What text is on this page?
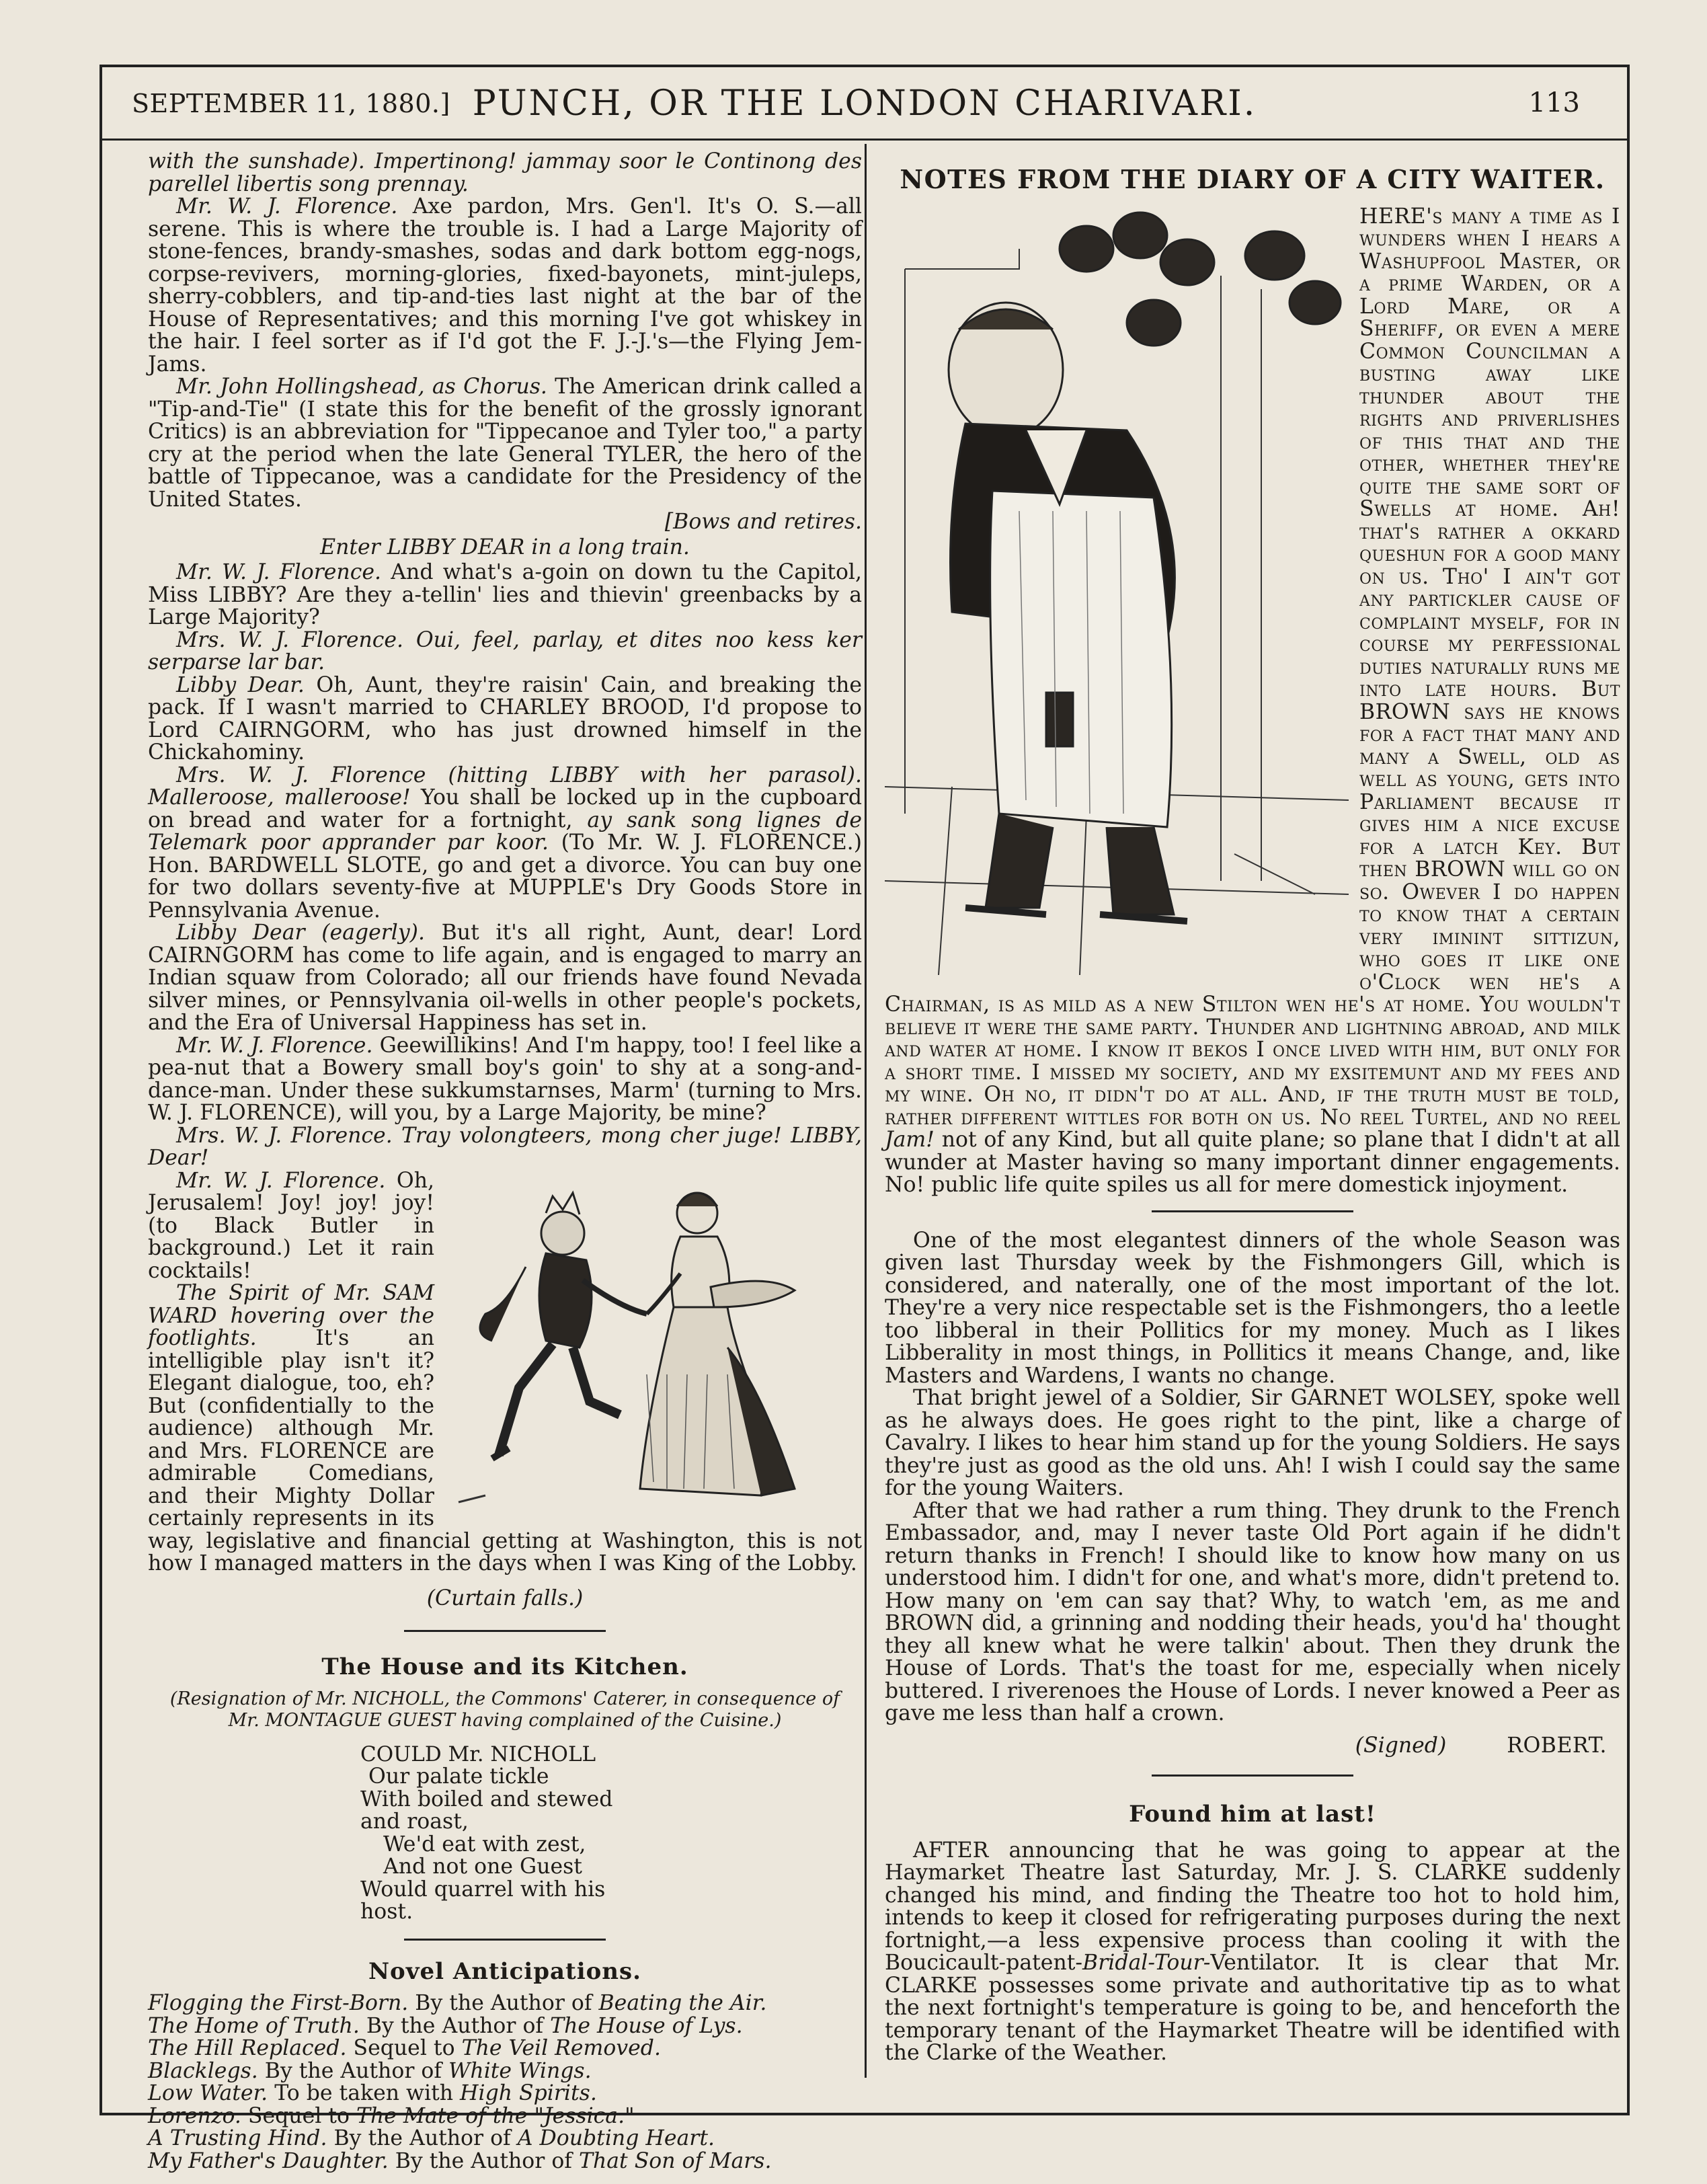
SEPTEMBER 11, 1880.] PUNCH, OR THE LONDON CHARIVARI.	113

with the sunshade). Impertinong! jammay soor le Continong des parellel libertis song prennay.

Mr. W. J. Florence. Axe pardon, Mrs. Gen'l. It's O. S.—all serene. This is where the trouble is. I had a Large Majority of stone-fences, brandy-smashes, sodas and dark bottom egg-nogs, corpse-revivers, morning-glories, fixed-bayonets, mint-juleps, sherry-cobblers, and tip-and-ties last night at the bar of the House of Representatives; and this morning I've got whiskey in the hair. I feel sorter as if I'd got the F. J.-J.'s—the Flying Jem-Jams.

Mr. John Hollingshead, as Chorus. The American drink called a "Tip-and-Tie" (I state this for the benefit of the grossly ignorant Critics) is an abbreviation for "Tippecanoe and Tyler too," a party cry at the period when the late General TYLER, the hero of the battle of Tippecanoe, was a candidate for the Presidency of the United States.

[Bows and retires.

Enter LIBBY DEAR in a long train.

Mr. W. J. Florence. And what's a-goin on down tu the Capitol, Miss LIBBY? Are they a-tellin' lies and thievin' greenbacks by a Large Majority?

Mrs. W. J. Florence. Oui, feel, parlay, et dites noo kess ker serparse lar bar.

Libby Dear. Oh, Aunt, they're raisin' Cain, and breaking the pack. If I wasn't married to CHARLEY BROOD, I'd propose to Lord CAIRNGORM, who has just drowned himself in the Chickahominy.

Mrs. W. J. Florence (hitting LIBBY with her parasol). Malleroose, malleroose! You shall be locked up in the cupboard on bread and water for a fortnight, ay sank song lignes de Telemark poor apprander par koor. (To Mr. W. J. FLORENCE.) Hon. BARDWELL SLOTE, go and get a divorce. You can buy one for two dollars seventy-five at MUPPLE's Dry Goods Store in Pennsylvania Avenue.

Libby Dear (eagerly). But it's all right, Aunt, dear! Lord CAIRNGORM has come to life again, and is engaged to marry an Indian squaw from Colorado; all our friends have found Nevada silver mines, or Pennsylvania oil-wells in other people's pockets, and the Era of Universal Happiness has set in.

Mr. W. J. Florence. Geewillikins! And I'm happy, too! I feel like a pea-nut that a Bowery small boy's goin' to shy at a song-and-dance-man. Under these sukkumstarnses, Marm' (turning to Mrs. W. J. FLORENCE), will you, by a Large Majority, be mine?

Mrs. W. J. Florence. Tray volongteers, mong cher juge! LIBBY, Dear!

Mr. W. J. Florence. Oh, Jerusalem! Joy! joy! joy! (to Black Butler in background.) Let it rain cocktails!

The Spirit of Mr. SAM WARD hovering over the footlights. It's an intelligible play isn't it? Elegant dialogue, too, eh? But (confidentially to the audience) although Mr. and Mrs. FLORENCE are admirable Comedians, and their Mighty Dollar certainly represents in its way, legislative and financial getting at Washington, this is not how I managed matters in the days when I was King of the Lobby.

(Curtain falls.)

The House and its Kitchen.

(Resignation of Mr. NICHOLL, the Commons' Caterer, in consequence of Mr. MONTAGUE GUEST having complained of the Cuisine.)

COULD Mr. NICHOLL

Our palate tickle

With boiled and stewed and roast,

We'd eat with zest,

And not one Guest

Would quarrel with his host.

Novel Anticipations.

Flogging the First-Born. By the Author of Beating the Air.

The Home of Truth. By the Author of The House of Lys.

The Hill Replaced. Sequel to The Veil Removed.

Blacklegs. By the Author of White Wings.

Low Water. To be taken with High Spirits.

Lorenzo. Sequel to The Mate of the "Jessica."

A Trusting Hind. By the Author of A Doubting Heart.

My Father's Daughter. By the Author of That Son of Mars.

NOTES FROM THE DIARY OF A CITY WAITER.

HERE's many a time as I wunders when I hears a Washupfool Master, or a prime Warden, or a Lord Mare, or a Sheriff, or even a mere Common Councilman a busting away like thunder about the rights and priverlishes of this that and the other, whether they're quite the same sort of Swells at home. Ah! that's rather a okkard queshun for a good many on us. Tho' I ain't got any partickler cause of complaint myself, for in course my perfessional duties naturally runs me into late hours. But BROWN says he knows for a fact that many and many a Swell, old as well as young, gets into Parliament because it gives him a nice excuse for a latch Key. But then BROWN will go on so. Owever I do happen to know that a certain very iminint sittizun, who goes it like one o'Clock wen he's a Chairman, is as mild as a new Stilton wen he's at home. You wouldn't believe it were the same party. Thunder and lightning abroad, and milk and water at home. I know it bekos I once lived with him, but only for a short time. I missed my society, and my exsitemunt and my fees and my wine. Oh no, it didn't do at all. And, if the truth must be told, rather different wittles for both on us. No reel Turtel, and no reel Jam! not of any Kind, but all quite plane; so plane that I didn't at all wunder at Master having so many important dinner engagements. No! public life quite spiles us all for mere domestick injoyment.

One of the most elegantest dinners of the whole Season was given last Thursday week by the Fishmongers Gill, which is considered, and naterally, one of the most important of the lot. They're a very nice respectable set is the Fishmongers, tho a leetle too libberal in their Pollitics for my money. Much as I likes Libberality in most things, in Pollitics it means Change, and, like Masters and Wardens, I wants no change.

That bright jewel of a Soldier, Sir GARNET WOLSEY, spoke well as he always does. He goes right to the pint, like a charge of Cavalry. I likes to hear him stand up for the young Soldiers. He says they're just as good as the old uns. Ah! I wish I could say the same for the young Waiters.

After that we had rather a rum thing. They drunk to the French Embassador, and, may I never taste Old Port again if he didn't return thanks in French! I should like to know how many on us understood him. I didn't for one, and what's more, didn't pretend to. How many on 'em can say that? Why, to watch 'em, as me and BROWN did, a grinning and nodding their heads, you'd ha' thought they all knew what he were talkin' about. Then they drunk the House of Lords. That's the toast for me, especially when nicely buttered. I riverenoes the House of Lords. I never knowed a Peer as gave me less than half a crown.

(Signed)	ROBERT.

Found him at last!

AFTER announcing that he was going to appear at the Haymarket Theatre last Saturday, Mr. J. S. CLARKE suddenly changed his mind, and finding the Theatre too hot to hold him, intends to keep it closed for refrigerating purposes during the next fortnight,—a less expensive process than cooling it with the Boucicault-patent-Bridal-Tour-Ventilator. It is clear that Mr. CLARKE possesses some private and authoritative tip as to what the next fortnight's temperature is going to be, and henceforth the temporary tenant of the Haymarket Theatre will be identified with the Clarke of the Weather.
